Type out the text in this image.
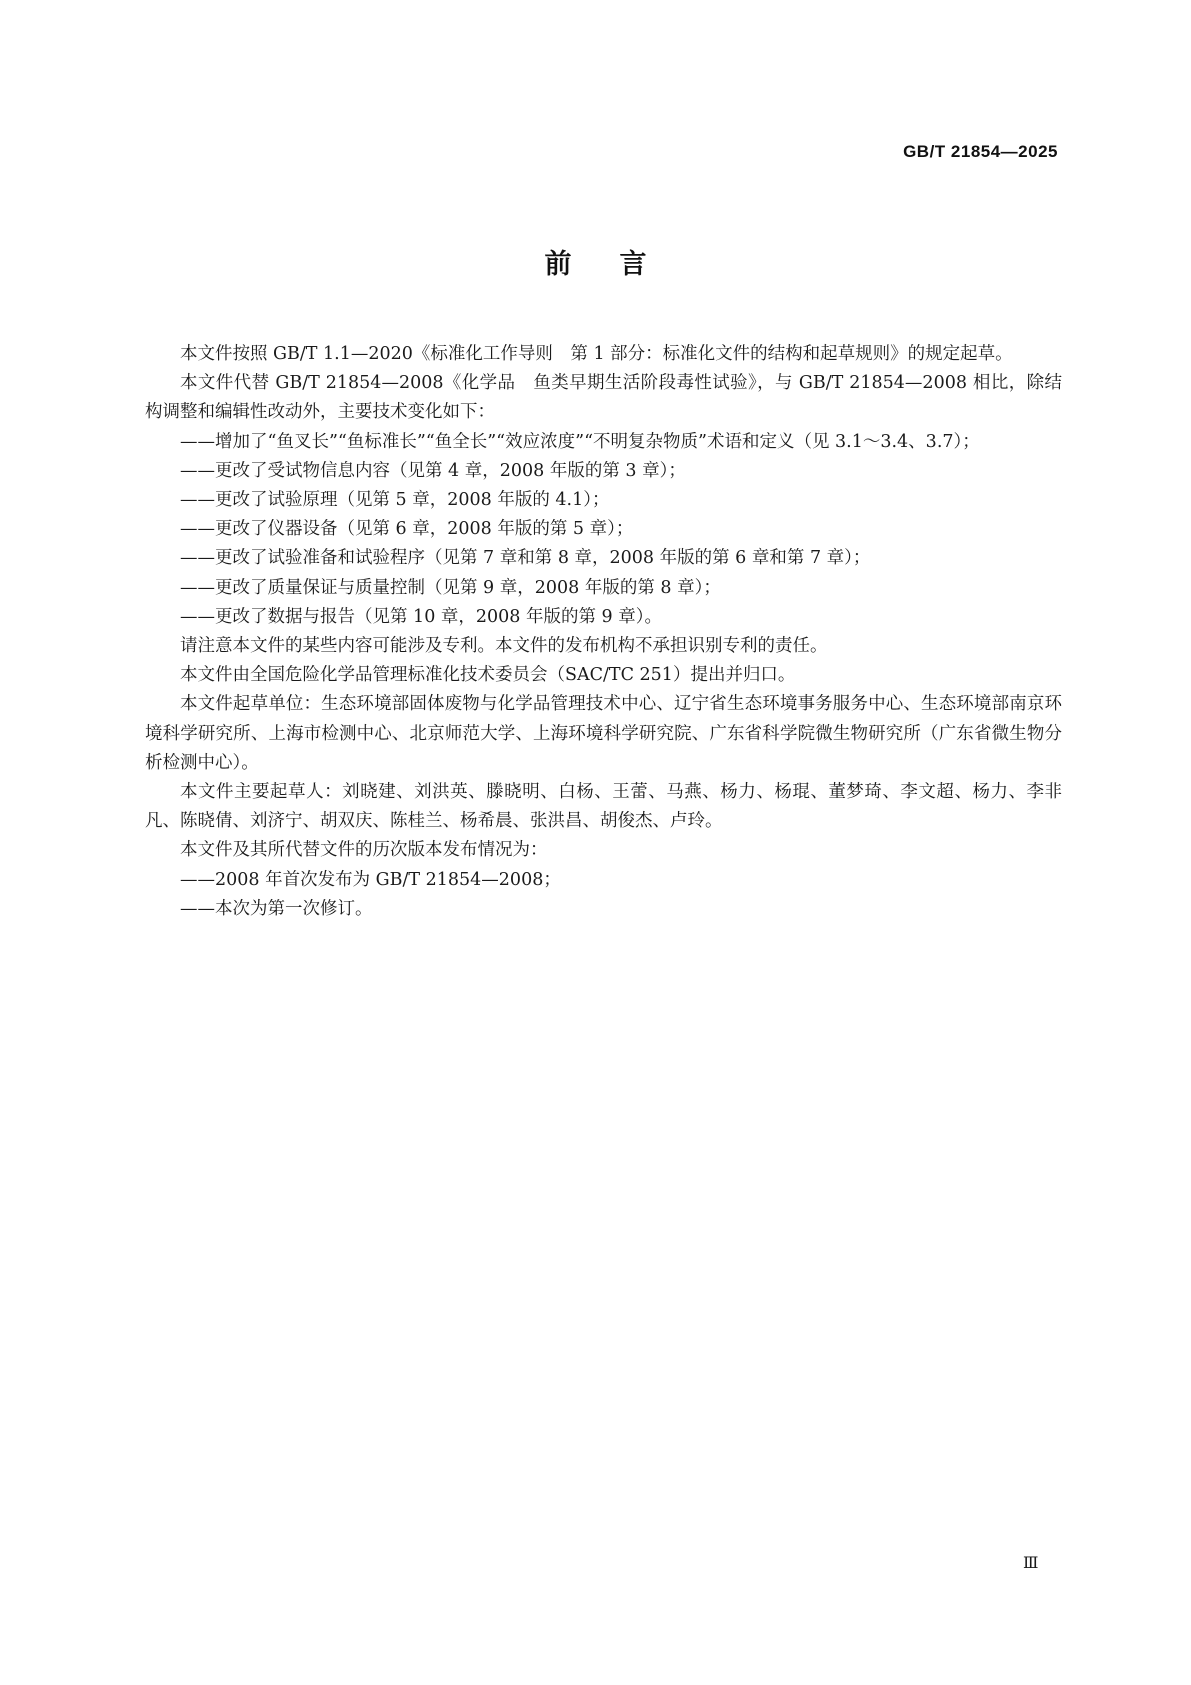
GB/T 21854—2025
前言

本文件按照 GB/T 1.1—2020《标准化工作导则　第 1 部分：标准化文件的结构和起草规则》的规定起草。

本文件代替 GB/T 21854—2008《化学品　鱼类早期生活阶段毒性试验》，与 GB/T 21854—2008 相比，除结构调整和编辑性改动外，主要技术变化如下：

——增加了“鱼叉长”“鱼标准长”“鱼全长”“效应浓度”“不明复杂物质”术语和定义（见 3.1～3.4、3.7）；

——更改了受试物信息内容（见第 4 章，2008 年版的第 3 章）；

——更改了试验原理（见第 5 章，2008 年版的 4.1）；

——更改了仪器设备（见第 6 章，2008 年版的第 5 章）；

——更改了试验准备和试验程序（见第 7 章和第 8 章，2008 年版的第 6 章和第 7 章）；

——更改了质量保证与质量控制（见第 9 章，2008 年版的第 8 章）；

——更改了数据与报告（见第 10 章，2008 年版的第 9 章）。

请注意本文件的某些内容可能涉及专利。本文件的发布机构不承担识别专利的责任。

本文件由全国危险化学品管理标准化技术委员会（SAC/TC 251）提出并归口。

本文件起草单位：生态环境部固体废物与化学品管理技术中心、辽宁省生态环境事务服务中心、生态环境部南京环境科学研究所、上海市检测中心、北京师范大学、上海环境科学研究院、广东省科学院微生物研究所（广东省微生物分析检测中心）。

本文件主要起草人：刘晓建、刘洪英、滕晓明、白杨、王蕾、马燕、杨力、杨琨、董梦琦、李文超、杨力、李非凡、陈晓倩、刘济宁、胡双庆、陈桂兰、杨希晨、张洪昌、胡俊杰、卢玲。

本文件及其所代替文件的历次版本发布情况为：

——2008 年首次发布为 GB/T 21854—2008；

——本次为第一次修订。

Ⅲ
